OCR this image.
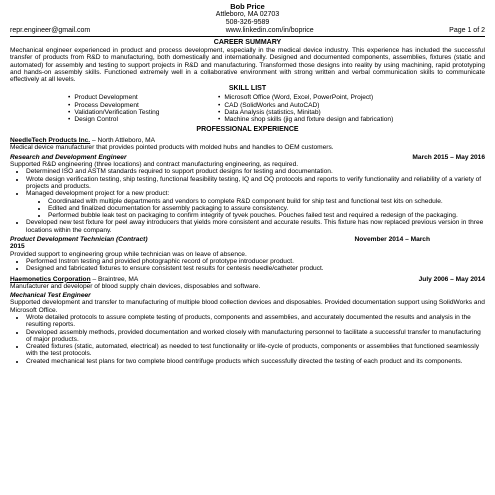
Bob Price
Attleboro, MA 02703
508-326-9589
repr.engineer@gmail.com	www.linkedin.com/in/boprice	Page 1 of 2
CAREER SUMMARY
Mechanical engineer experienced in product and process development, especially in the medical device industry. This experience has included the successful transfer of products from R&D to manufacturing, both domestically and internationally. Designed and documented components, assemblies, fixtures (static and automated) for assembly and testing to support projects in R&D and manufacturing. Transformed those designs into reality by using machining, rapid prototyping and hands-on assembly skills. Functioned extremely well in a collaborative environment with strong written and verbal communication skills to communicate effectively at all levels.
SKILL LIST
• Product Development
• Process Development
• Validation/Verification Testing
• Design Control
• Microsoft Office (Word, Excel, PowerPoint, Project)
• CAD (SolidWorks and AutoCAD)
• Data Analysis (statistics, Minitab)
• Machine shop skills (jig and fixture design and fabrication)
PROFESSIONAL EXPERIENCE
NeedleTech Products Inc. – North Attleboro, MA
Medical device manufacturer that provides pointed products with molded hubs and handles to OEM customers.
Research and Development Engineer	March 2015 – May 2016
Supported R&D engineering (three locations) and contract manufacturing engineering, as required.
• Determined ISO and ASTM standards required to support product designs for testing and documentation.
• Wrote design verification testing, ship testing, functional feasibility testing, IQ and OQ protocols and reports to verify functionality and reliability of a variety of projects and products.
• Managed development project for a new product:
• Coordinated with multiple departments and vendors to complete R&D component build for ship test and functional test kits on schedule.
• Edited and finalized documentation for assembly packaging to assure consistency.
• Performed bubble leak test on packaging to confirm integrity of tyvek pouches. Pouches failed test and required a redesign of the packaging.
• Developed new test fixture for peel away introducers that yields more consistent and accurate results. This fixture has now replaced previous version in three locations within the company.
Product Development Technician (Contract)	November 2014 – March
2015
Provided support to engineering group while technician was on leave of absence.
• Performed Instron testing and provided photographic record of prototype introducer product.
• Designed and fabricated fixtures to ensure consistent test results for centesis needle/catheter product.
Haemonetics Corporation – Braintree, MA	July 2006 – May 2014
Manufacturer and developer of blood supply chain devices, disposables and software.
Mechanical Test Engineer
Supported development and transfer to manufacturing of multiple blood collection devices and disposables. Provided documentation support using SolidWorks and Microsoft Office.
• Wrote detailed protocols to assure complete testing of products, components and assemblies, and accurately documented the results and analysis in the resulting reports.
• Developed assembly methods, provided documentation and worked closely with manufacturing personnel to facilitate a successful transfer to manufacturing of major products.
• Created fixtures (static, automated, electrical) as needed to test functionality or life-cycle of products, components or assemblies that functioned seamlessly with the test protocols.
• Created mechanical test plans for two complete blood centrifuge products which successfully directed the testing of each product and its components.
